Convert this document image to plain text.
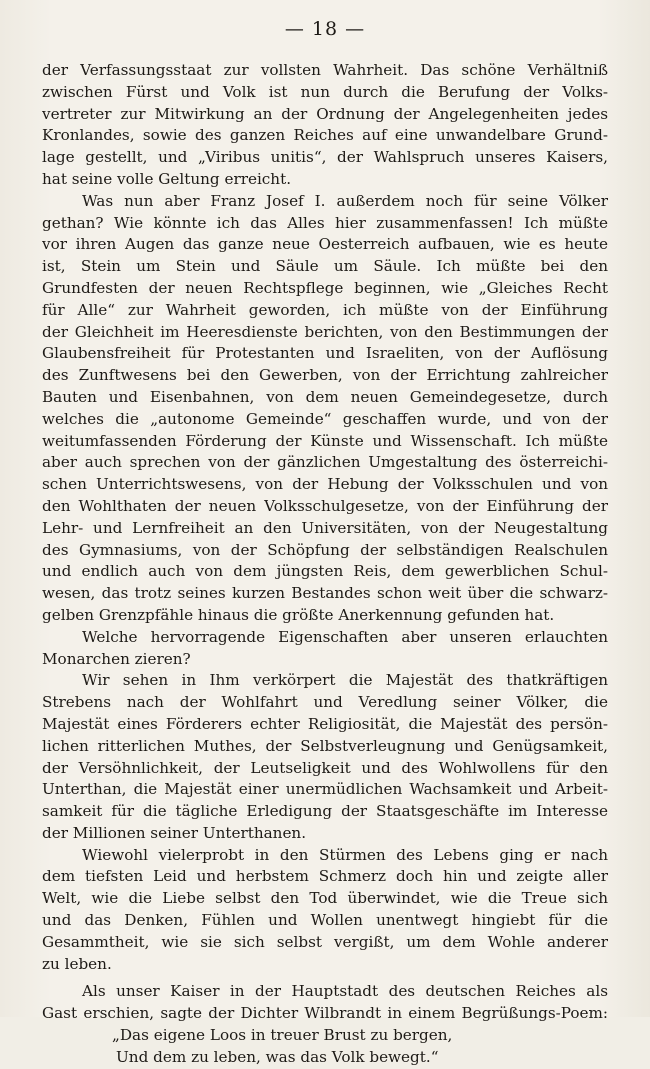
— 18 —
der Verfassungsstaat zur vollsten Wahrheit. Das schöne Verhältniß
zwischen Fürst und Volk ist nun durch die Berufung der Volks-
vertreter zur Mitwirkung an der Ordnung der Angelegenheiten jedes
Kronlandes, sowie des ganzen Reiches auf eine unwandelbare Grund-
lage gestellt, und „Viribus unitis“, der Wahlspruch unseres Kaisers,
hat seine volle Geltung erreicht.
Was nun aber Franz Josef I. außerdem noch für seine Völker
gethan? Wie könnte ich das Alles hier zusammenfassen! Ich müßte
vor ihren Augen das ganze neue Oesterreich aufbauen, wie es heute
ist, Stein um Stein und Säule um Säule. Ich müßte bei den
Grundfesten der neuen Rechtspflege beginnen, wie „Gleiches Recht
für Alle“ zur Wahrheit geworden, ich müßte von der Einführung
der Gleichheit im Heeresdienste berichten, von den Bestimmungen der
Glaubensfreiheit für Protestanten und Israeliten, von der Auflösung
des Zunftwesens bei den Gewerben, von der Errichtung zahlreicher
Bauten und Eisenbahnen, von dem neuen Gemeindegesetze, durch
welches die „autonome Gemeinde“ geschaffen wurde, und von der
weitumfassenden Förderung der Künste und Wissenschaft. Ich müßte
aber auch sprechen von der gänzlichen Umgestaltung des österreichi-
schen Unterrichtswesens, von der Hebung der Volksschulen und von
den Wohlthaten der neuen Volksschulgesetze, von der Einführung der
Lehr- und Lernfreiheit an den Universitäten, von der Neugestaltung
des Gymnasiums, von der Schöpfung der selbständigen Realschulen
und endlich auch von dem jüngsten Reis, dem gewerblichen Schul-
wesen, das trotz seines kurzen Bestandes schon weit über die schwarz-
gelben Grenzpfähle hinaus die größte Anerkennung gefunden hat.
Welche hervorragende Eigenschaften aber unseren erlauchten
Monarchen zieren?
Wir sehen in Ihm verkörpert die Majestät des thatkräftigen
Strebens nach der Wohlfahrt und Veredlung seiner Völker, die
Majestät eines Förderers echter Religiosität, die Majestät des persön-
lichen ritterlichen Muthes, der Selbstverleugnung und Genügsamkeit,
der Versöhnlichkeit, der Leutseligkeit und des Wohlwollens für den
Unterthan, die Majestät einer unermüdlichen Wachsamkeit und Arbeit-
samkeit für die tägliche Erledigung der Staatsgeschäfte im Interesse
der Millionen seiner Unterthanen.
Wiewohl vielerprobt in den Stürmen des Lebens ging er nach
dem tiefsten Leid und herbstem Schmerz doch hin und zeigte aller
Welt, wie die Liebe selbst den Tod überwindet, wie die Treue sich
und das Denken, Fühlen und Wollen unentwegt hingiebt für die
Gesammtheit, wie sie sich selbst vergißt, um dem Wohle anderer
zu leben.
Als unser Kaiser in der Hauptstadt des deutschen Reiches als
Gast erschien, sagte der Dichter Wilbrandt in einem Begrüßungs-Poem:
„Das eigene Loos in treuer Brust zu bergen,
Und dem zu leben, was das Volk bewegt.“
